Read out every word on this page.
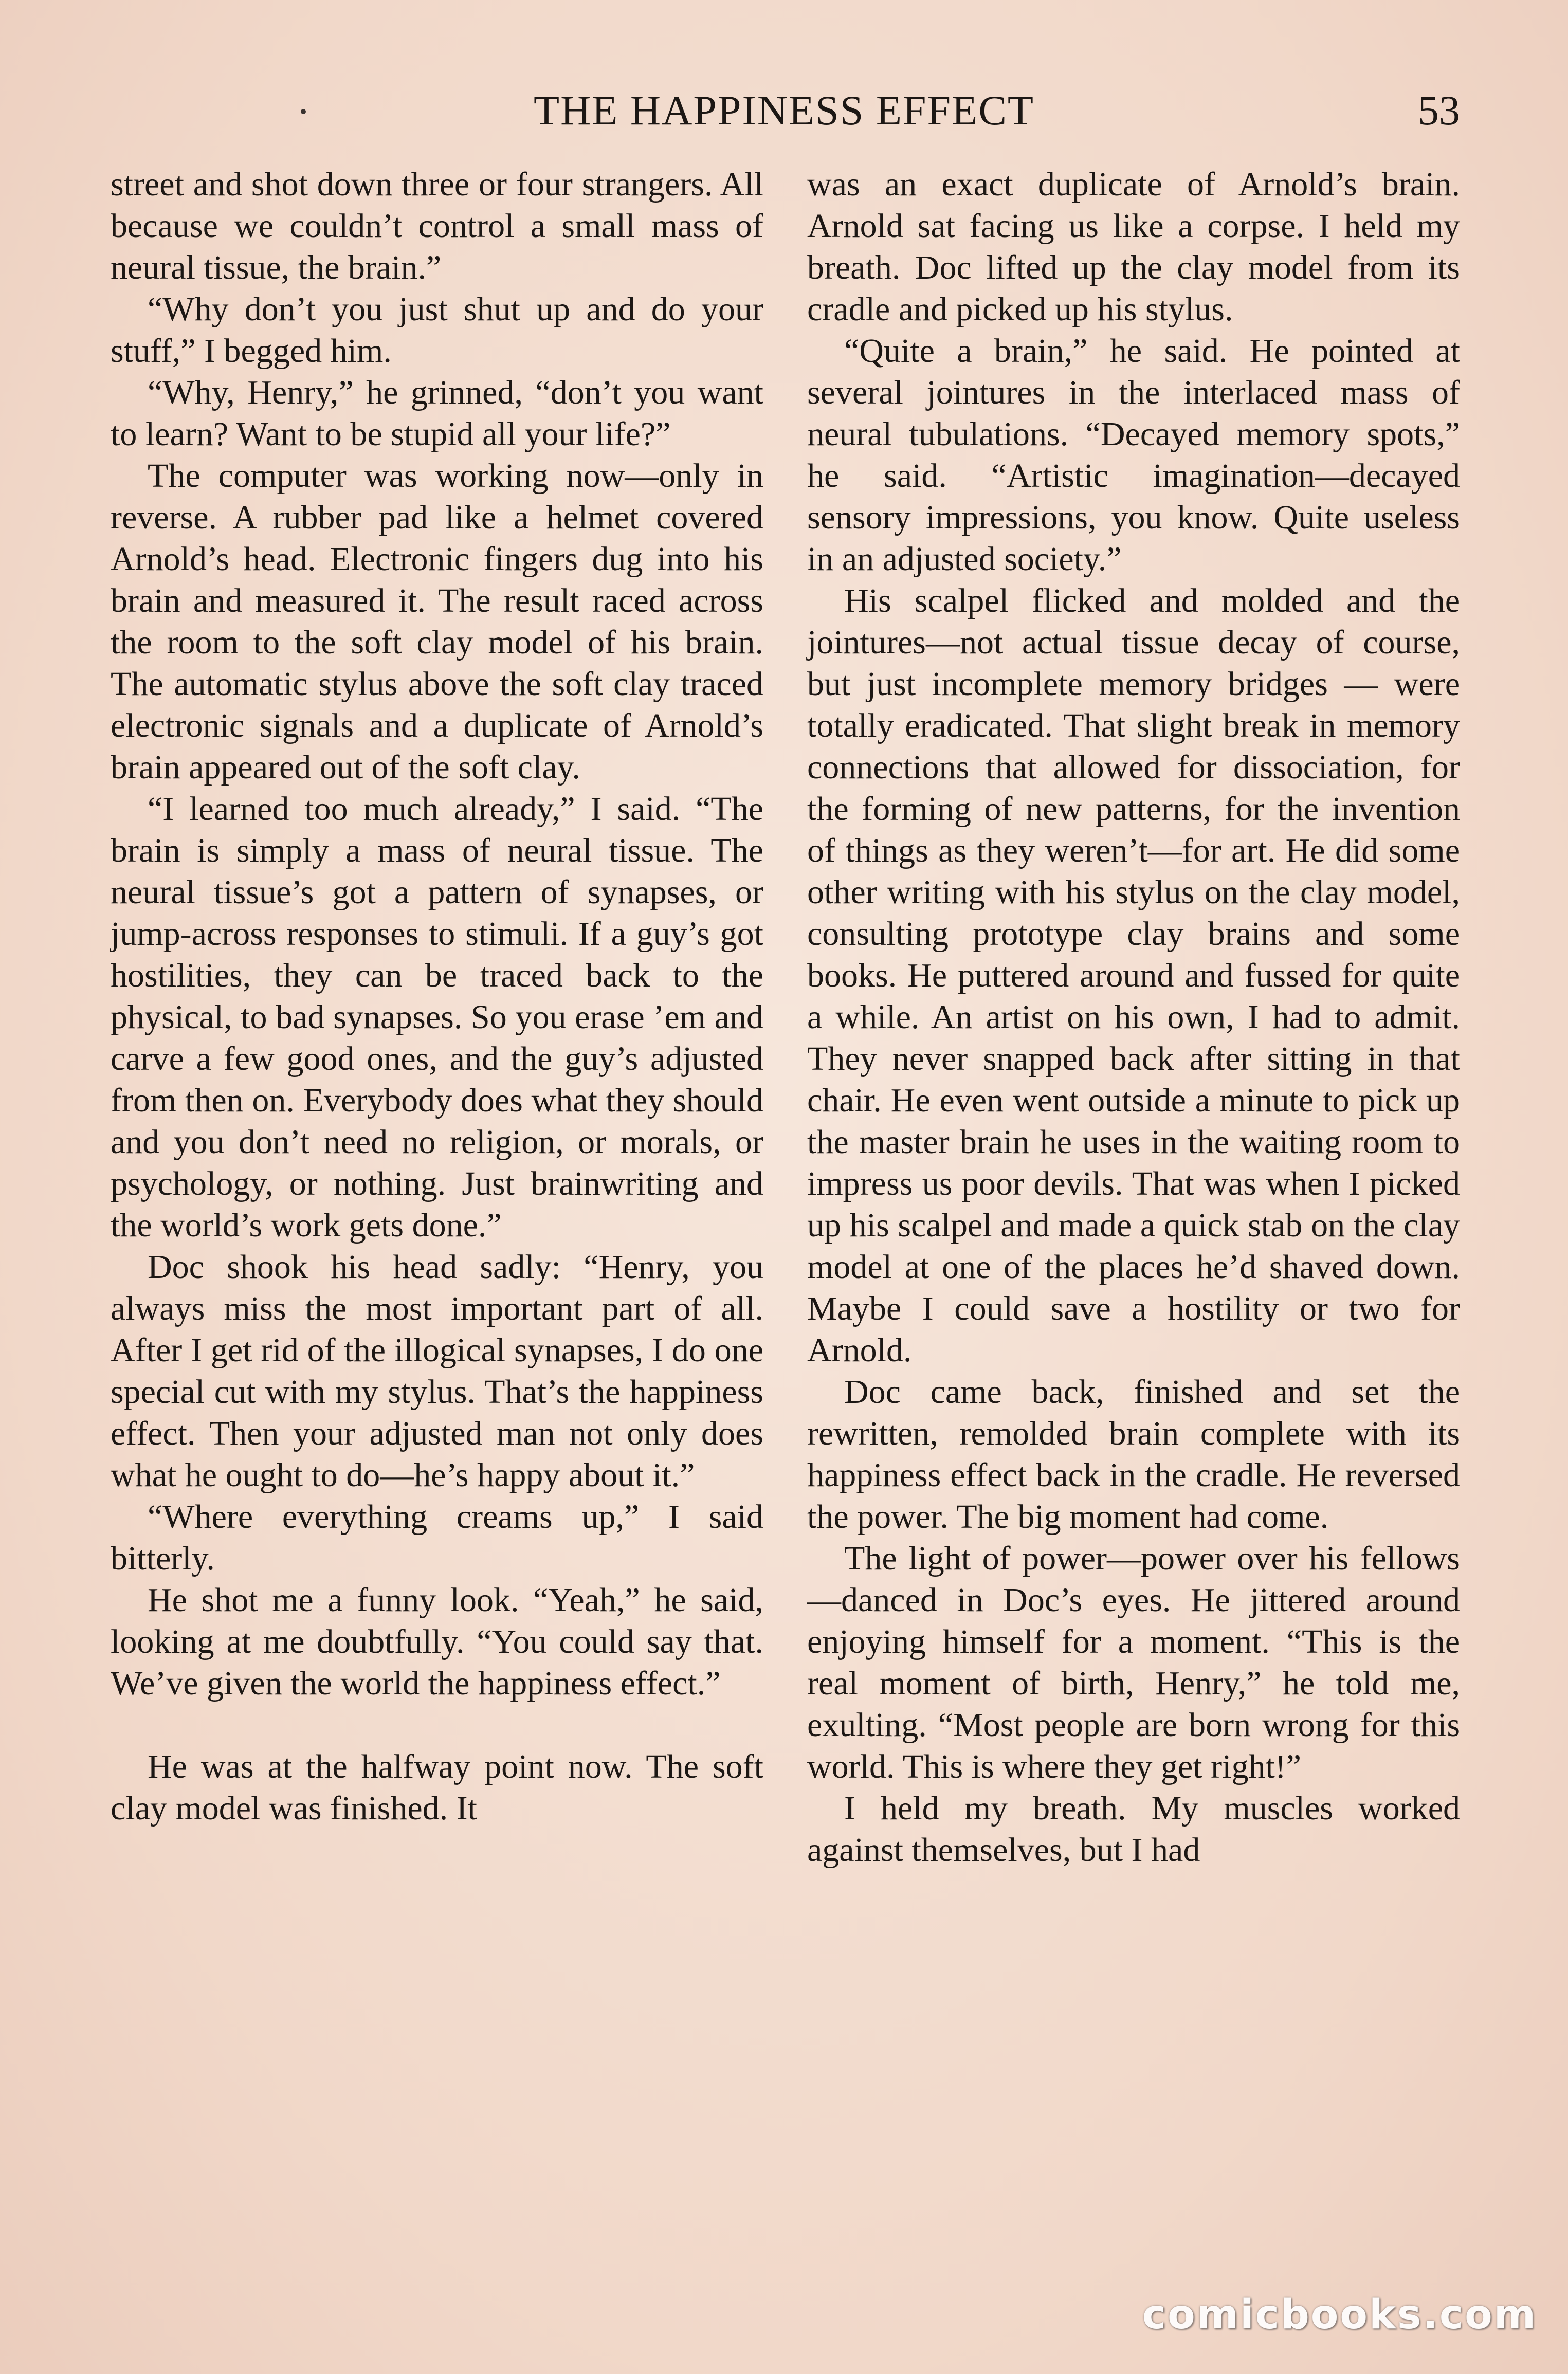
THE HAPPINESS EFFECT	53

street and shot down three or four strangers. All because we couldn’t control a small mass of neural tissue, the brain.”

“Why don’t you just shut up and do your stuff,” I begged him.

“Why, Henry,” he grinned, “don’t you want to learn? Want to be stupid all your life?”

The computer was working now—only in reverse. A rubber pad like a helmet covered Arnold’s head. Electronic fingers dug into his brain and measured it. The result raced across the room to the soft clay model of his brain. The automatic stylus above the soft clay traced electronic signals and a duplicate of Arnold’s brain appeared out of the soft clay.

“I learned too much already,” I said. “The brain is simply a mass of neural tissue. The neural tissue’s got a pattern of synapses, or jump-across responses to stimuli. If a guy’s got hostilities, they can be traced back to the physical, to bad synapses. So you erase ’em and carve a few good ones, and the guy’s adjusted from then on. Everybody does what they should and you don’t need no religion, or morals, or psychology, or nothing. Just brainwriting and the world’s work gets done.”

Doc shook his head sadly: “Henry, you always miss the most important part of all. After I get rid of the illogical synapses, I do one special cut with my stylus. That’s the happiness effect. Then your adjusted man not only does what he ought to do—he’s happy about it.”

“Where everything creams up,” I said bitterly.

He shot me a funny look. “Yeah,” he said, looking at me doubtfully. “You could say that. We’ve given the world the happiness effect.”

He was at the halfway point now. The soft clay model was finished. It

was an exact duplicate of Arnold’s brain. Arnold sat facing us like a corpse. I held my breath. Doc lifted up the clay model from its cradle and picked up his stylus.

“Quite a brain,” he said. He pointed at several jointures in the interlaced mass of neural tubulations. “Decayed memory spots,” he said. “Artistic imagination—decayed sensory impressions, you know. Quite useless in an adjusted society.”

His scalpel flicked and molded and the jointures—not actual tissue decay of course, but just incomplete memory bridges — were totally eradicated. That slight break in memory connections that allowed for dissociation, for the forming of new patterns, for the invention of things as they weren’t—for art. He did some other writing with his stylus on the clay model, consulting prototype clay brains and some books. He puttered around and fussed for quite a while. An artist on his own, I had to admit. They never snapped back after sitting in that chair. He even went outside a minute to pick up the master brain he uses in the waiting room to impress us poor devils. That was when I picked up his scalpel and made a quick stab on the clay model at one of the places he’d shaved down. Maybe I could save a hostility or two for Arnold.

Doc came back, finished and set the rewritten, remolded brain complete with its happiness effect back in the cradle. He reversed the power. The big moment had come.

The light of power—power over his fellows—danced in Doc’s eyes. He jittered around enjoying himself for a moment. “This is the real moment of birth, Henry,” he told me, exulting. “Most people are born wrong for this world. This is where they get right!”

I held my breath. My muscles worked against themselves, but I had

comicbooks.com
